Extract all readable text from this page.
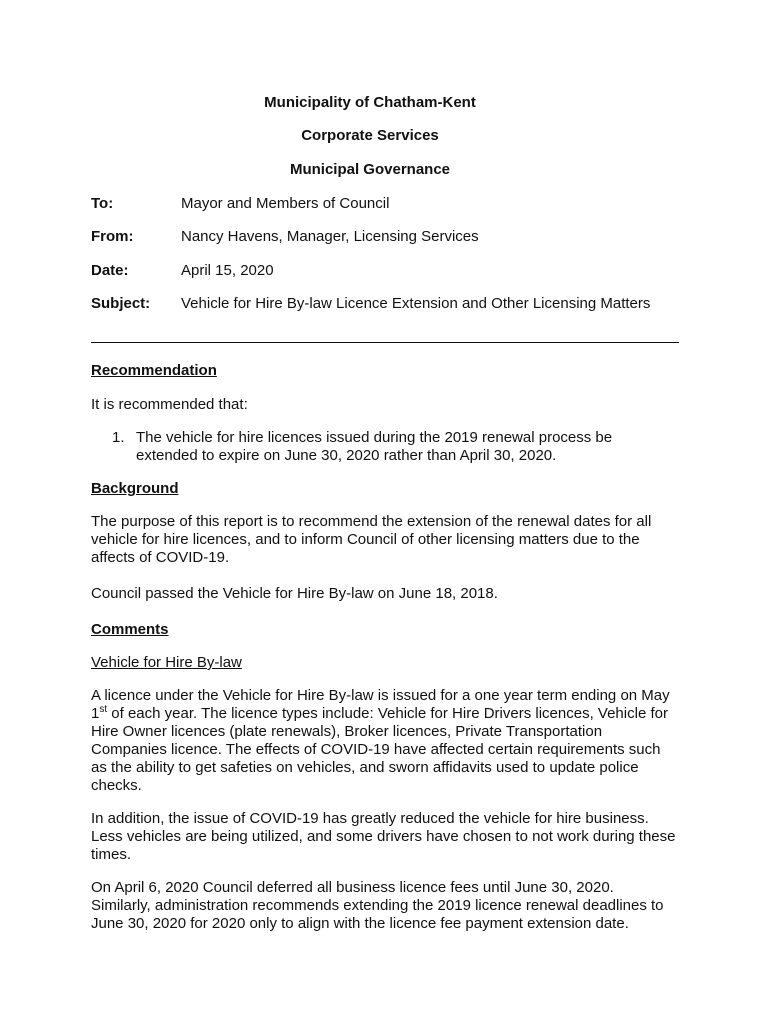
Municipality of Chatham-Kent
Corporate Services
Municipal Governance
To:	Mayor and Members of Council
From:	Nancy Havens, Manager, Licensing Services
Date:	April 15, 2020
Subject: Vehicle for Hire By-law Licence Extension and Other Licensing Matters
Recommendation
It is recommended that:
1. The vehicle for hire licences issued during the 2019 renewal process be
extended to expire on June 30, 2020 rather than April 30, 2020.
Background
The purpose of this report is to recommend the extension of the renewal dates for all
vehicle for hire licences, and to inform Council of other licensing matters due to the
affects of COVID-19.
Council passed the Vehicle for Hire By-law on June 18, 2018.
Comments
Vehicle for Hire By-law
A licence under the Vehicle for Hire By-law is issued for a one year term ending on May
1st of each year. The licence types include: Vehicle for Hire Drivers licences, Vehicle for
Hire Owner licences (plate renewals), Broker licences, Private Transportation
Companies licence. The effects of COVID-19 have affected certain requirements such
as the ability to get safeties on vehicles, and sworn affidavits used to update police
checks.
In addition, the issue of COVID-19 has greatly reduced the vehicle for hire business.
Less vehicles are being utilized, and some drivers have chosen to not work during these
times.
On April 6, 2020 Council deferred all business licence fees until June 30, 2020.
Similarly, administration recommends extending the 2019 licence renewal deadlines to
June 30, 2020 for 2020 only to align with the licence fee payment extension date.
